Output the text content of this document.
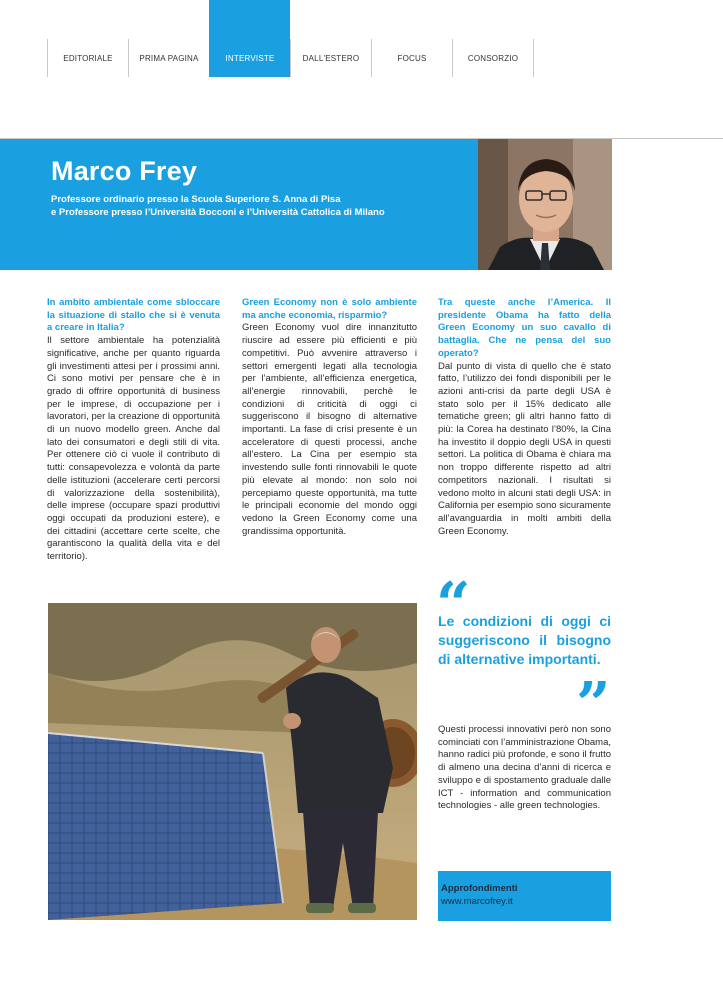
EDITORIALE	PRIMA PAGINA	INTERVISTE	DALL'ESTERO	FOCUS	CONSORZIO
Marco Frey
Professore ordinario presso la Scuola Superiore S. Anna di Pisa
e Professore presso l’Università Bocconi e l’Università Cattolica di Milano
In ambito ambientale come sbloccare la situazione di stallo che si è venuta a creare in Italia?
Il settore ambientale ha potenzialità significative, anche per quanto riguarda gli investimenti attesi per i prossimi anni. Ci sono motivi per pensare che è in grado di offrire opportunità di business per le imprese, di occupazione per i lavoratori, per la creazione di opportunità di un nuovo modello green. Anche dal lato dei consumatori e degli stili di vita. Per ottenere ciò ci vuole il contributo di tutti: consapevolezza e volontà da parte delle istituzioni (accelerare certi percorsi di valorizzazione della sostenibilità), delle imprese (occupare spazi produttivi oggi occupati da produzioni estere), e dei cittadini (accettare certe scelte, che garantiscono la qualità della vita e del territorio).
Green Economy non è solo ambiente ma anche economia, risparmio?
Green Economy vuol dire innanzitutto riuscire ad essere più efficienti e più competitivi. Può avvenire attraverso i settori emergenti legati alla tecnologia per l’ambiente, all’efficienza energetica, all’energie rinnovabili, perchè le condizioni di criticità di oggi ci suggeriscono il bisogno di alternative importanti. La fase di crisi presente è un acceleratore di questi processi, anche all’estero. La Cina per esempio sta investendo sulle fonti rinnovabili le quote più elevate al mondo: non solo noi percepiamo queste opportunità, ma tutte le principali economie del mondo oggi vedono la Green Economy come una grandissima opportunità.
Tra queste anche l’America. Il presidente Obama ha fatto della Green Economy un suo cavallo di battaglia. Che ne pensa del suo operato?
Dal punto di vista di quello che è stato fatto, l’utilizzo dei fondi disponibili per le azioni anti-crisi da parte degli USA è stato solo per il 15% dedicato alle tematiche green; gli altri hanno fatto di più: la Corea ha destinato l’80%, la Cina ha investito il doppio degli USA in questi settori. La politica di Obama è chiara ma non troppo differente rispetto ad altri competitors nazionali. I risultati si vedono molto in alcuni stati degli USA: in California per esempio sono sicuramente all’avanguardia in molti ambiti della Green Economy.
“
Le condizioni di oggi ci suggeriscono il bisogno di alternative importanti.
”
Questi processi innovativi però non sono cominciati con l’amministrazione Obama, hanno radici più profonde, e sono il frutto di almeno una decina d’anni di ricerca e sviluppo e di spostamento graduale dalle ICT - information and communication technologies - alle green technologies.
Approfondimenti
www.marcofrey.it
